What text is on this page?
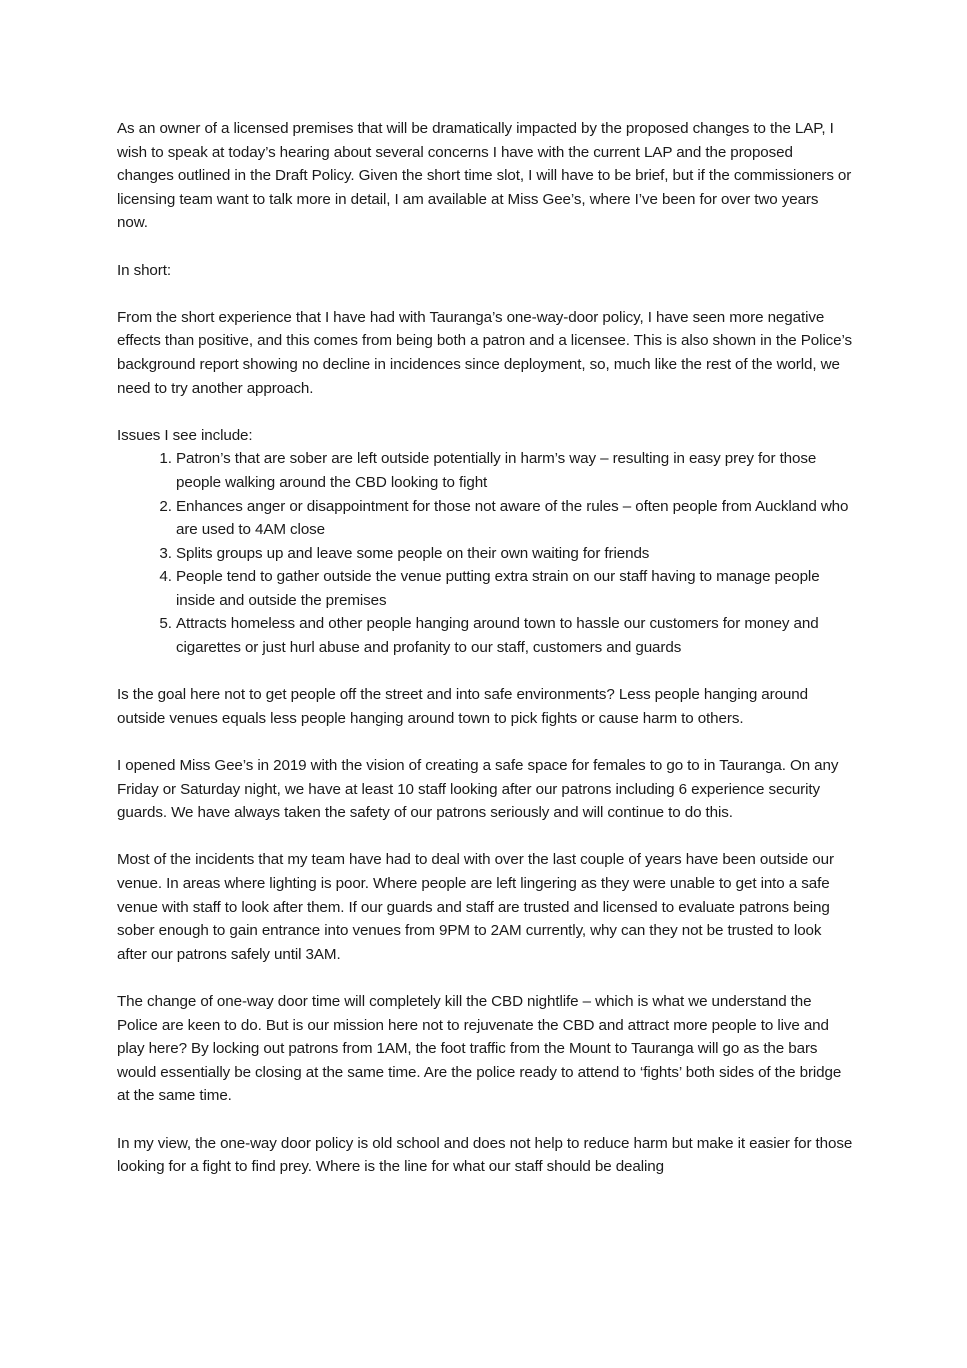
As an owner of a licensed premises that will be dramatically impacted by the proposed changes to the LAP, I wish to speak at today’s hearing about several concerns I have with the current LAP and the proposed changes outlined in the Draft Policy. Given the short time slot, I will have to be brief, but if the commissioners or licensing team want to talk more in detail, I am available at Miss Gee’s, where I’ve been for over two years now.

In short:

From the short experience that I have had with Tauranga’s one-way-door policy, I have seen more negative effects than positive, and this comes from being both a patron and a licensee. This is also shown in the Police’s background report showing no decline in incidences since deployment, so, much like the rest of the world, we need to try another approach.

Issues I see include:

1. Patron’s that are sober are left outside potentially in harm’s way – resulting in easy prey for those people walking around the CBD looking to fight
2. Enhances anger or disappointment for those not aware of the rules – often people from Auckland who are used to 4AM close
3. Splits groups up and leave some people on their own waiting for friends
4. People tend to gather outside the venue putting extra strain on our staff having to manage people inside and outside the premises
5. Attracts homeless and other people hanging around town to hassle our customers for money and cigarettes or just hurl abuse and profanity to our staff, customers and guards

Is the goal here not to get people off the street and into safe environments? Less people hanging around outside venues equals less people hanging around town to pick fights or cause harm to others.

I opened Miss Gee’s in 2019 with the vision of creating a safe space for females to go to in Tauranga. On any Friday or Saturday night, we have at least 10 staff looking after our patrons including 6 experience security guards. We have always taken the safety of our patrons seriously and will continue to do this.

Most of the incidents that my team have had to deal with over the last couple of years have been outside our venue. In areas where lighting is poor. Where people are left lingering as they were unable to get into a safe venue with staff to look after them. If our guards and staff are trusted and licensed to evaluate patrons being sober enough to gain entrance into venues from 9PM to 2AM currently, why can they not be trusted to look after our patrons safely until 3AM.

The change of one-way door time will completely kill the CBD nightlife – which is what we understand the Police are keen to do. But is our mission here not to rejuvenate the CBD and attract more people to live and play here? By locking out patrons from 1AM, the foot traffic from the Mount to Tauranga will go as the bars would essentially be closing at the same time. Are the police ready to attend to ‘fights’ both sides of the bridge at the same time.

In my view, the one-way door policy is old school and does not help to reduce harm but make it easier for those looking for a fight to find prey. Where is the line for what our staff should be dealing
